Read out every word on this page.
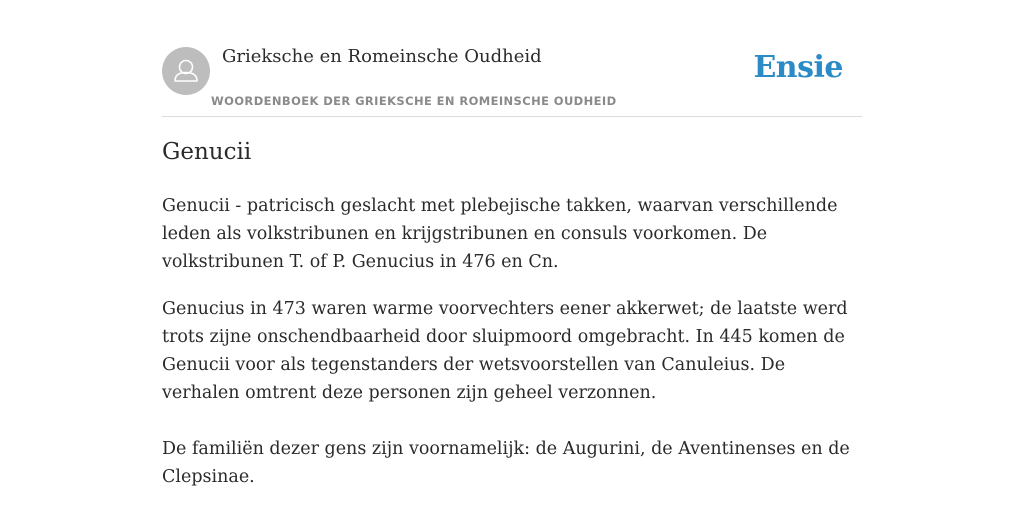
Grieksche en Romeinsche Oudheid
WOORDENBOEK DER GRIEKSCHE EN ROMEINSCHE OUDHEID
Ensie
Genucii

Genucii - patricisch geslacht met plebejische takken, waarvan verschillende leden als volkstribunen en krijgstribunen en consuls voorkomen. De volkstribunen T. of P. Genucius in 476 en Cn.

Genucius in 473 waren warme voorvechters eener akkerwet; de laatste werd trots zijne onschendbaarheid door sluipmoord omgebracht. In 445 komen de Genucii voor als tegenstanders der wetsvoorstellen van Canuleius. De verhalen omtrent deze personen zijn geheel verzonnen.

De familiën dezer gens zijn voornamelijk: de Augurini, de Aventinenses en de Clepsinae.
